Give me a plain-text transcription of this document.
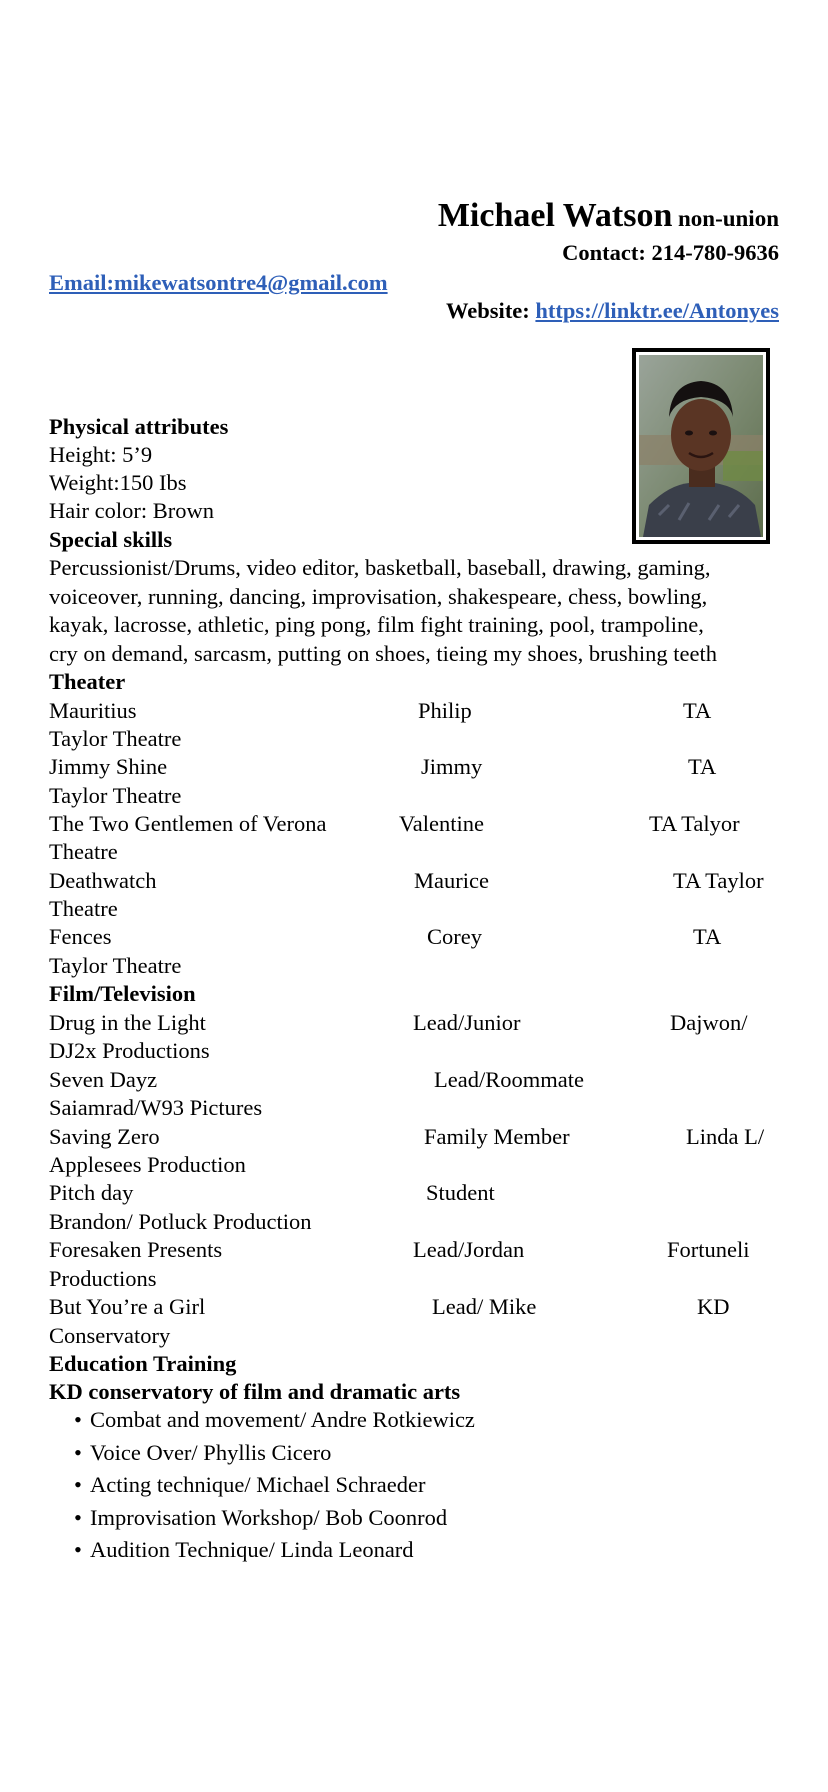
Michael Watson non-union
Contact: 214-780-9636
Email:mikewatsontre4@gmail.com
Website: https://linktr.ee/Antonyes
Physical attributes
Height: 5’9
Weight:150 Ibs
Hair color: Brown
Special skills
Percussionist/Drums, video editor, basketball, baseball, drawing, gaming,
voiceover, running, dancing, improvisation, shakespeare, chess, bowling,
kayak, lacrosse, athletic, ping pong, film fight training, pool, trampoline,
cry on demand, sarcasm, putting on shoes, tieing my shoes, brushing teeth
Theater
Mauritius	Philip	TA
Taylor Theatre
Jimmy Shine	Jimmy	TA
Taylor Theatre
The Two Gentlemen of Verona	Valentine	TA Talyor
Theatre
Deathwatch	Maurice	TA Taylor
Theatre
Fences	Corey	TA
Taylor Theatre
Film/Television
Drug in the Light	Lead/Junior	Dajwon/
DJ2x Productions
Seven Dayz	Lead/Roommate
Saiamrad/W93 Pictures
Saving Zero	Family Member	Linda L/
Applesees Production
Pitch day	Student
Brandon/ Potluck Production
Foresaken Presents	Lead/Jordan	Fortuneli
Productions
But You’re a Girl	Lead/ Mike	KD
Conservatory
Education Training
KD conservatory of film and dramatic arts
• Combat and movement/ Andre Rotkiewicz
• Voice Over/ Phyllis Cicero
• Acting technique/ Michael Schraeder
• Improvisation Workshop/ Bob Coonrod
• Audition Technique/ Linda Leonard
